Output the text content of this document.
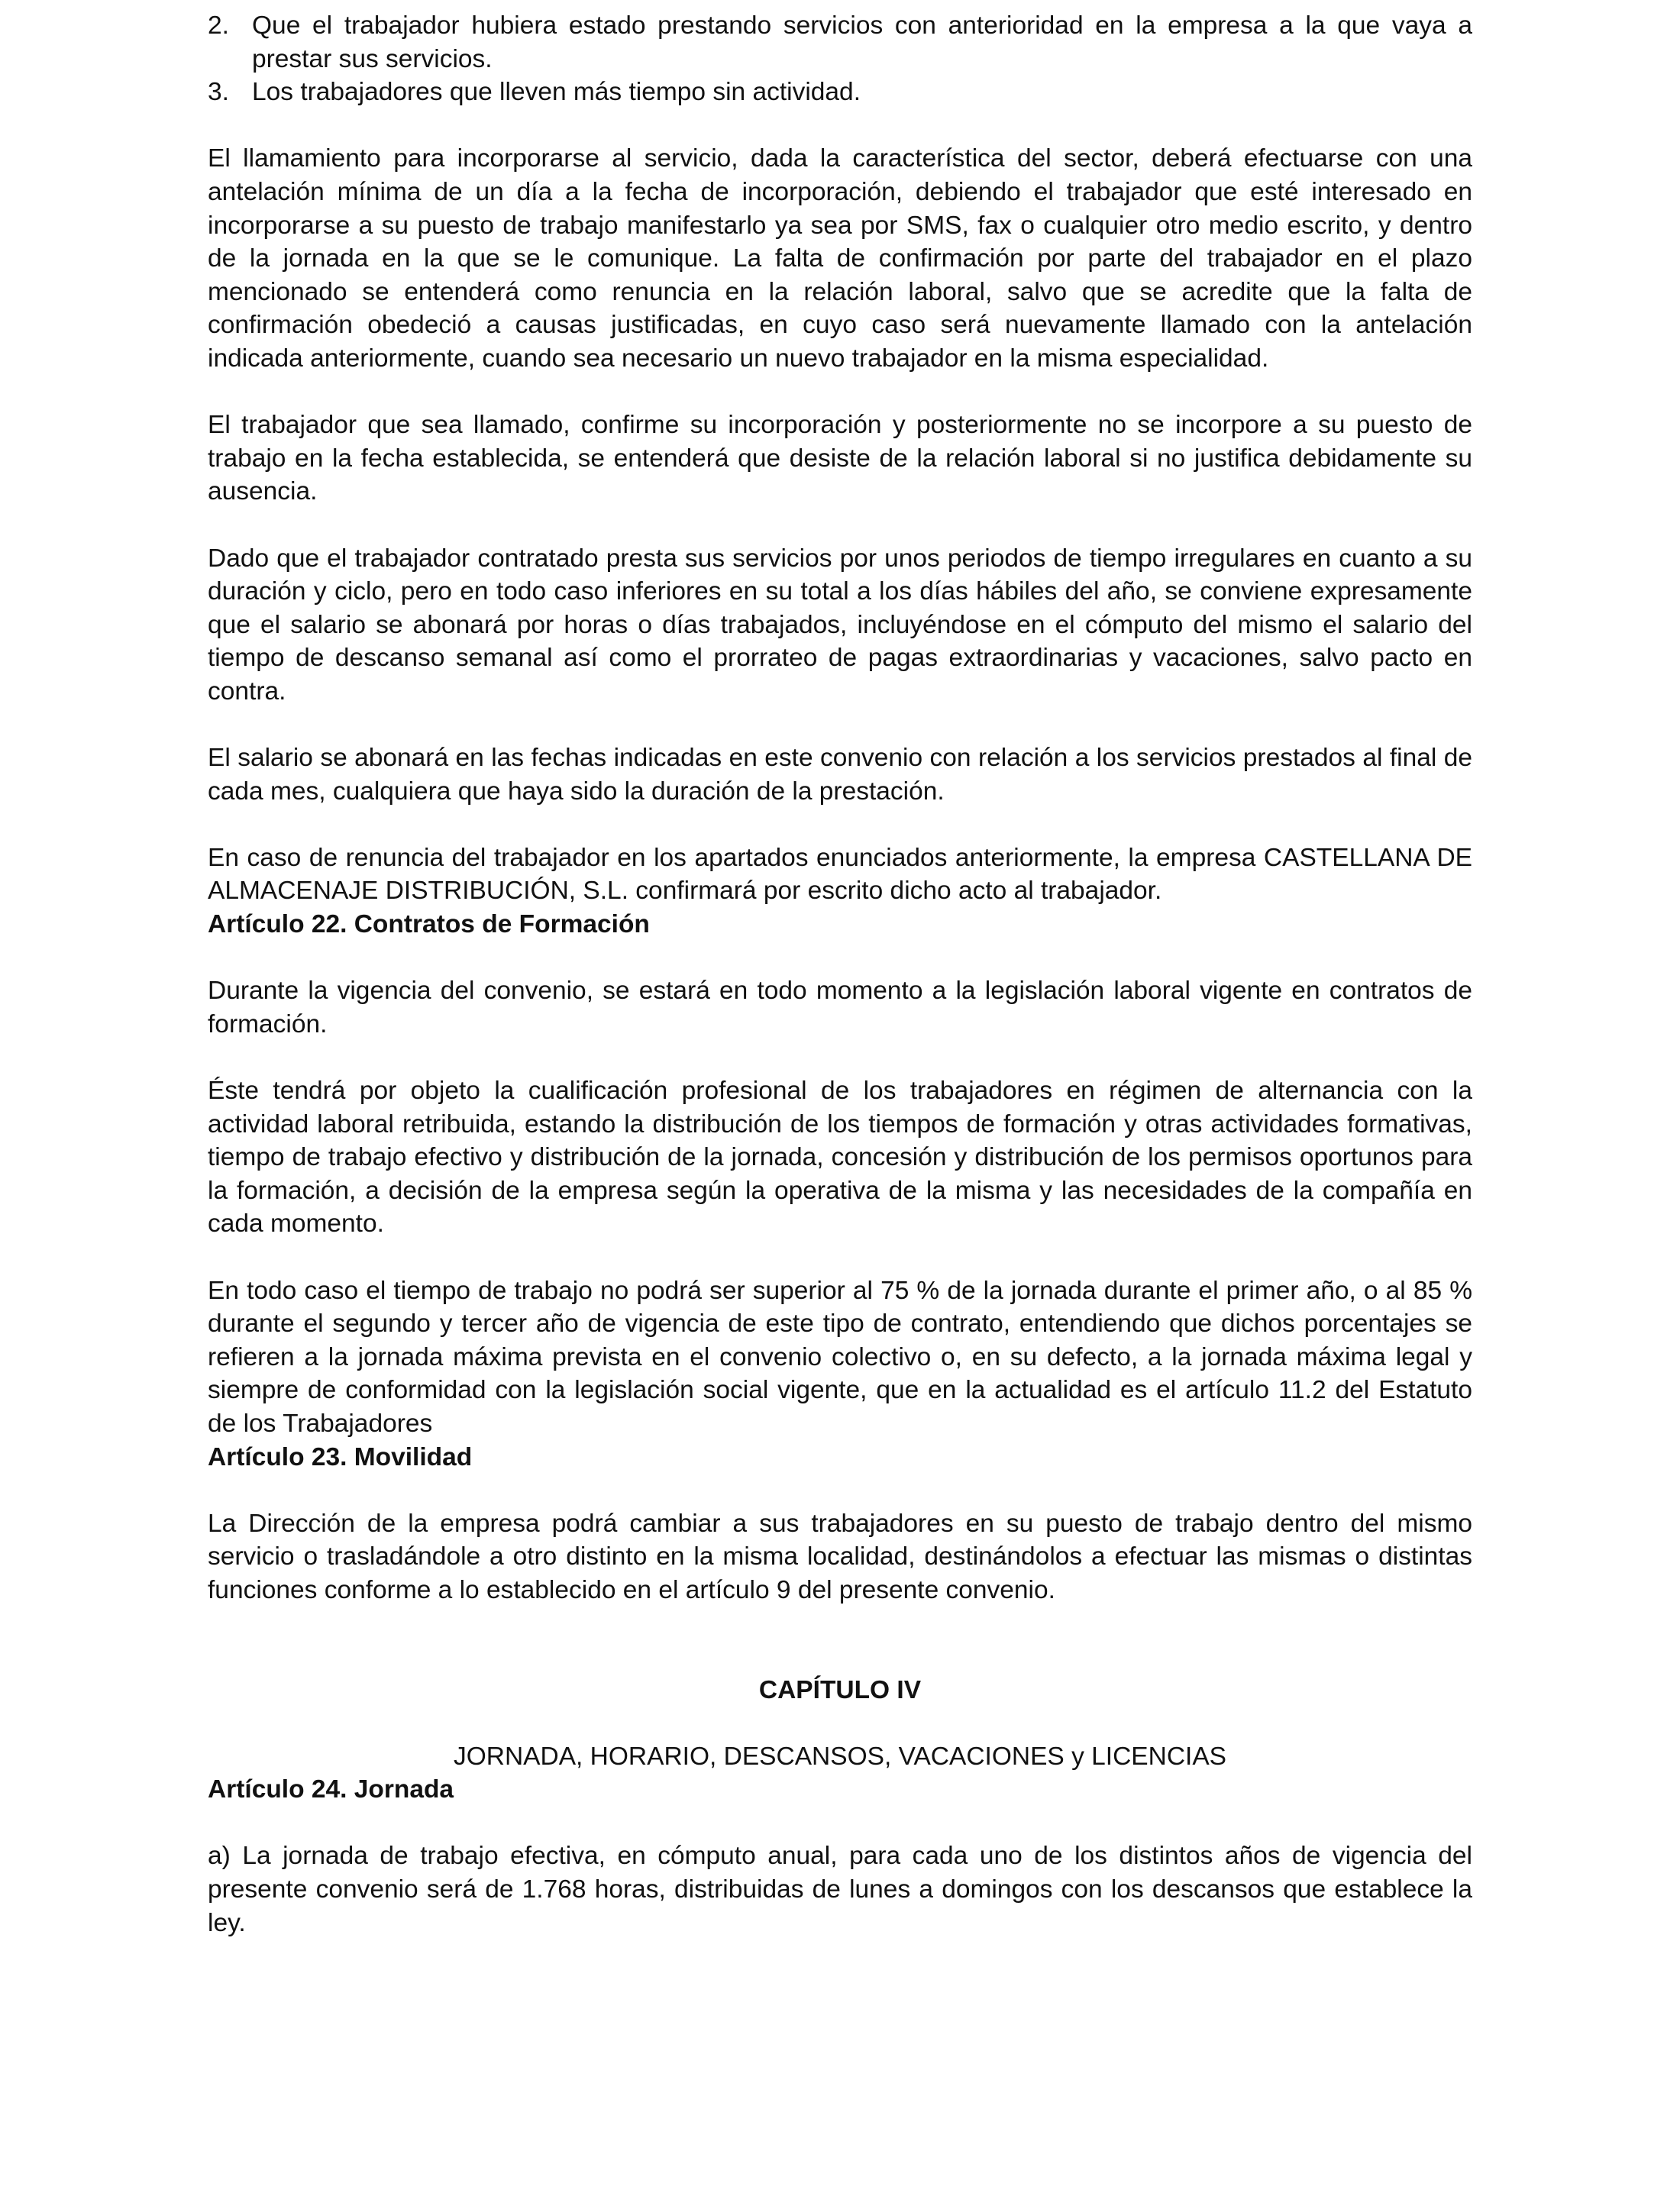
2. Que el trabajador hubiera estado prestando servicios con anterioridad en la empresa a la que vaya a prestar sus servicios.
3. Los trabajadores que lleven más tiempo sin actividad.

El llamamiento para incorporarse al servicio, dada la característica del sector, deberá efectuarse con una antelación mínima de un día a la fecha de incorporación, debiendo el trabajador que esté interesado en incorporarse a su puesto de trabajo manifestarlo ya sea por SMS, fax o cualquier otro medio escrito, y dentro de la jornada en la que se le comunique. La falta de confirmación por parte del trabajador en el plazo mencionado se entenderá como renuncia en la relación laboral, salvo que se acredite que la falta de confirmación obedeció a causas justificadas, en cuyo caso será nuevamente llamado con la antelación indicada anteriormente, cuando sea necesario un nuevo trabajador en la misma especialidad.

El trabajador que sea llamado, confirme su incorporación y posteriormente no se incorpore a su puesto de trabajo en la fecha establecida, se entenderá que desiste de la relación laboral si no justifica debidamente su ausencia.

Dado que el trabajador contratado presta sus servicios por unos periodos de tiempo irregulares en cuanto a su duración y ciclo, pero en todo caso inferiores en su total a los días hábiles del año, se conviene expresamente que el salario se abonará por horas o días trabajados, incluyéndose en el cómputo del mismo el salario del tiempo de descanso semanal así como el prorrateo de pagas extraordinarias y vacaciones, salvo pacto en contra.

El salario se abonará en las fechas indicadas en este convenio con relación a los servicios prestados al final de cada mes, cualquiera que haya sido la duración de la prestación.

En caso de renuncia del trabajador en los apartados enunciados anteriormente, la empresa CASTELLANA DE ALMACENAJE DISTRIBUCIÓN, S.L. confirmará por escrito dicho acto al trabajador.

Artículo 22. Contratos de Formación

Durante la vigencia del convenio, se estará en todo momento a la legislación laboral vigente en contratos de formación.

Éste tendrá por objeto la cualificación profesional de los trabajadores en régimen de alternancia con la actividad laboral retribuida, estando la distribución de los tiempos de formación y otras actividades formativas, tiempo de trabajo efectivo y distribución de la jornada, concesión y distribución de los permisos oportunos para la formación, a decisión de la empresa según la operativa de la misma y las necesidades de la compañía en cada momento.

En todo caso el tiempo de trabajo no podrá ser superior al 75 % de la jornada durante el primer año, o al 85 % durante el segundo y tercer año de vigencia de este tipo de contrato, entendiendo que dichos porcentajes se refieren a la jornada máxima prevista en el convenio colectivo o, en su defecto, a la jornada máxima legal y siempre de conformidad con la legislación social vigente, que en la actualidad es el artículo 11.2 del Estatuto de los Trabajadores

Artículo 23. Movilidad

La Dirección de la empresa podrá cambiar a sus trabajadores en su puesto de trabajo dentro del mismo servicio o trasladándole a otro distinto en la misma localidad, destinándolos a efectuar las mismas o distintas funciones conforme a lo establecido en el artículo 9 del presente convenio.

CAPÍTULO IV

JORNADA, HORARIO, DESCANSOS, VACACIONES y LICENCIAS

Artículo 24. Jornada

a) La jornada de trabajo efectiva, en cómputo anual, para cada uno de los distintos años de vigencia del presente convenio será de 1.768 horas, distribuidas de lunes a domingos con los descansos que establece la ley.
